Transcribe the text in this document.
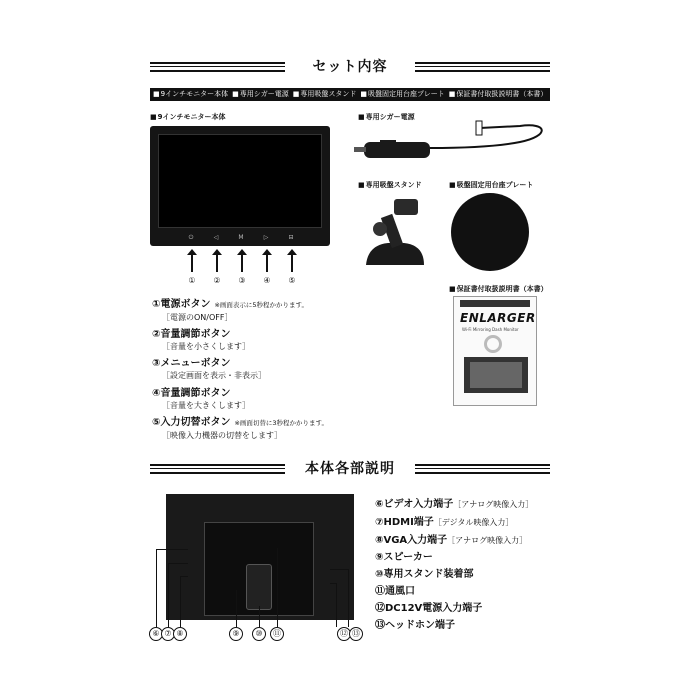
セット内容
■ 9インチモニター本体	■ 専用シガー電源	■ 専用吸盤スタンド	■ 吸盤固定用台座プレート	■ 保証書付取扱説明書（本書）
■ 9インチモニター本体
⏻	◁	M	▷	⊟
①	②	③	④	⑤
■ 専用シガー電源
■ 専用吸盤スタンド	■ 吸盤固定用台座プレート
■ 保証書付取扱説明書（本書）
ENLARGER
Wi-Fi Mirroring Dash Monitor
①電源ボタン ※画面表示に5秒程かかります。
［電源のON/OFF］
②音量調節ボタン
［音量を小さくします］
③メニューボタン
［設定画面を表示・非表示］
④音量調節ボタン
［音量を大きくします］
⑤入力切替ボタン ※画面切替に3秒程かかります。
［映像入力機器の切替をします］
本体各部説明
⑥ ⑦ ⑧	⑨	⑩	⑪	⑫ ⑬
⑥ビデオ入力端子［アナログ映像入力］
⑦HDMI端子［デジタル映像入力］
⑧VGA入力端子［アナログ映像入力］
⑨スピーカー
⑩専用スタンド装着部
⑪通風口
⑫DC12V電源入力端子
⑬ヘッドホン端子
